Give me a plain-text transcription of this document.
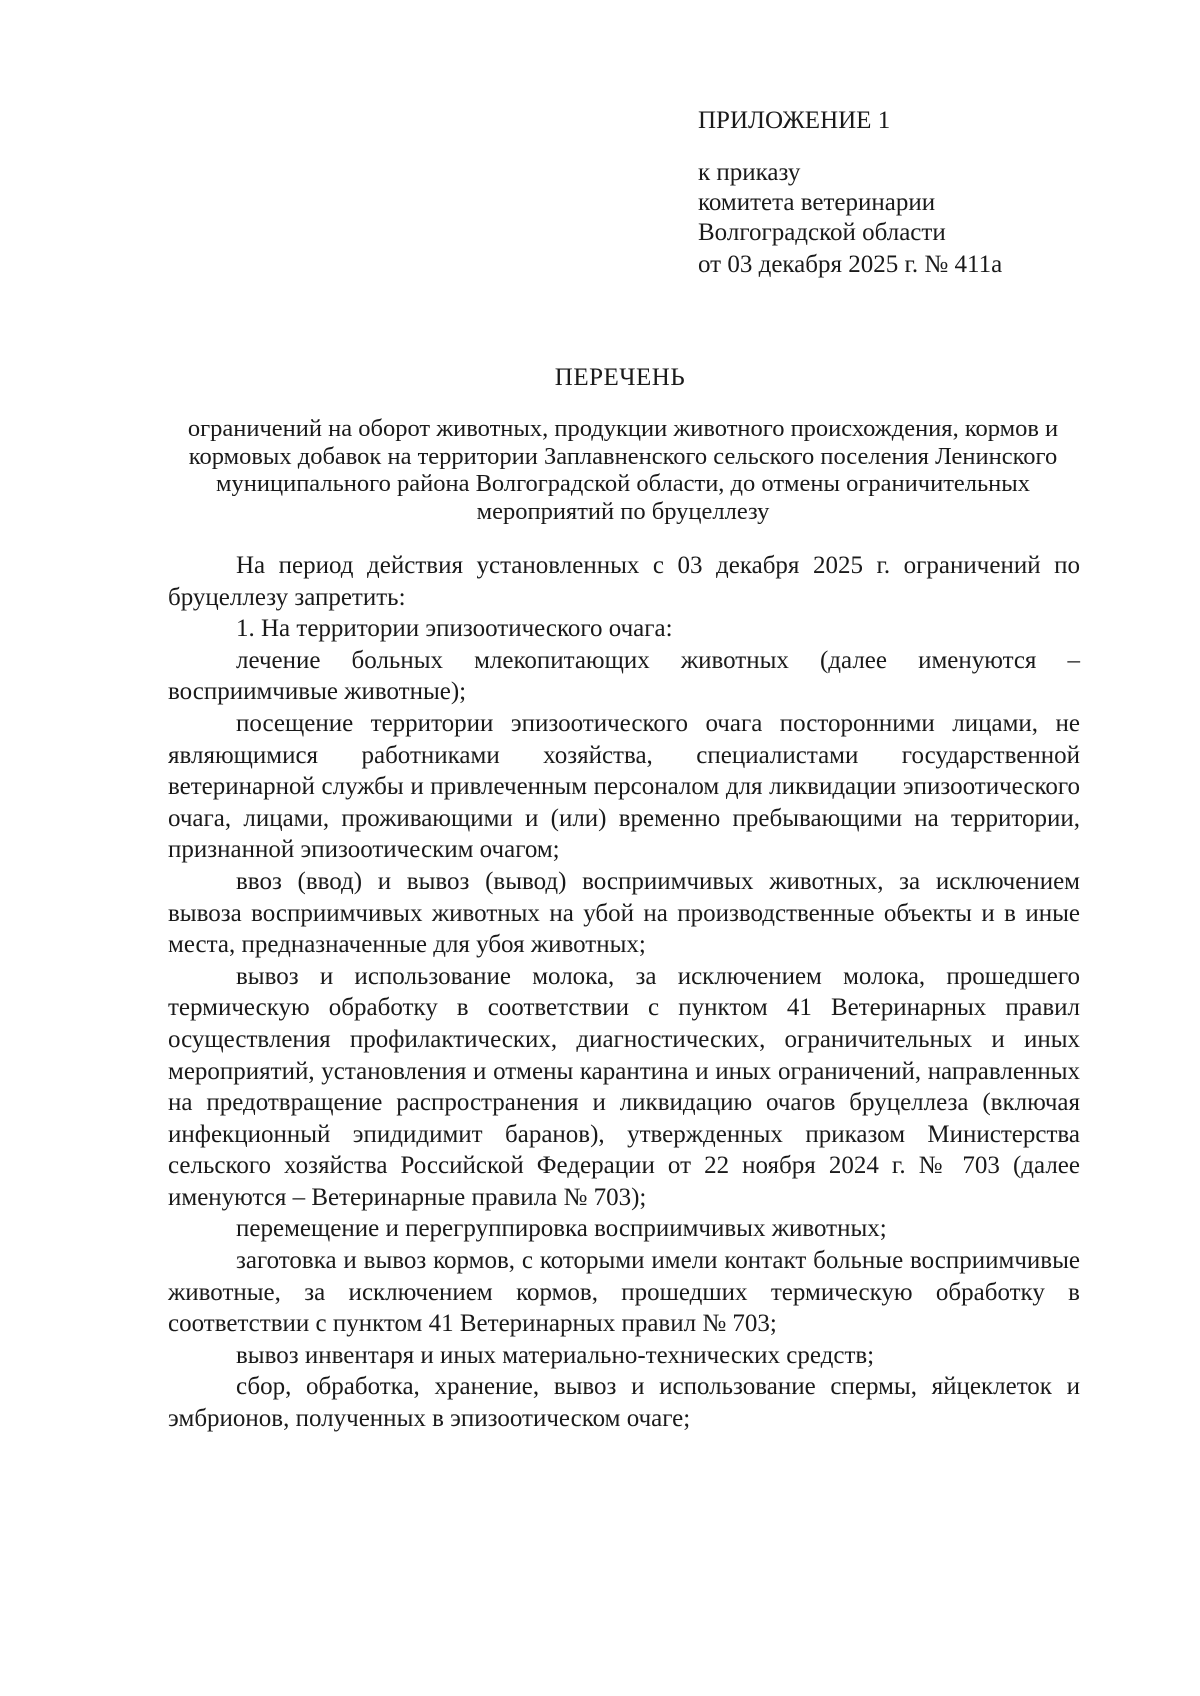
ПРИЛОЖЕНИЕ 1
к приказу
комитета ветеринарии
Волгоградской области
от 03 декабря 2025 г. № 411а
ПЕРЕЧЕНЬ
ограничений на оборот животных, продукции животного происхождения, кормов и кормовых добавок на территории Заплавненского сельского поселения Ленинского муниципального района Волгоградской области, до отмены ограничительных мероприятий по бруцеллезу

На период действия установленных с 03 декабря 2025 г. ограничений по бруцеллезу запретить:

1. На территории эпизоотического очага:

лечение больных млекопитающих животных (далее именуются – восприимчивые животные);

посещение территории эпизоотического очага посторонними лицами, не являющимися работниками хозяйства, специалистами государственной ветеринарной службы и привлеченным персоналом для ликвидации эпизоотического очага, лицами, проживающими и (или) временно пребывающими на территории, признанной эпизоотическим очагом;

ввоз (ввод) и вывоз (вывод) восприимчивых животных, за исключением вывоза восприимчивых животных на убой на производственные объекты и в иные места, предназначенные для убоя животных;

вывоз и использование молока, за исключением молока, прошедшего термическую обработку в соответствии с пунктом 41 Ветеринарных правил осуществления профилактических, диагностических, ограничительных и иных мероприятий, установления и отмены карантина и иных ограничений, направленных на предотвращение распространения и ликвидацию очагов бруцеллеза (включая инфекционный эпидидимит баранов), утвержденных приказом Министерства сельского хозяйства Российской Федерации от 22 ноября 2024 г. № 703 (далее именуются – Ветеринарные правила № 703);

перемещение и перегруппировка восприимчивых животных;

заготовка и вывоз кормов, с которыми имели контакт больные восприимчивые животные, за исключением кормов, прошедших термическую обработку в соответствии с пунктом 41 Ветеринарных правил № 703;

вывоз инвентаря и иных материально-технических средств;

сбор, обработка, хранение, вывоз и использование спермы, яйцеклеток и эмбрионов, полученных в эпизоотическом очаге;
